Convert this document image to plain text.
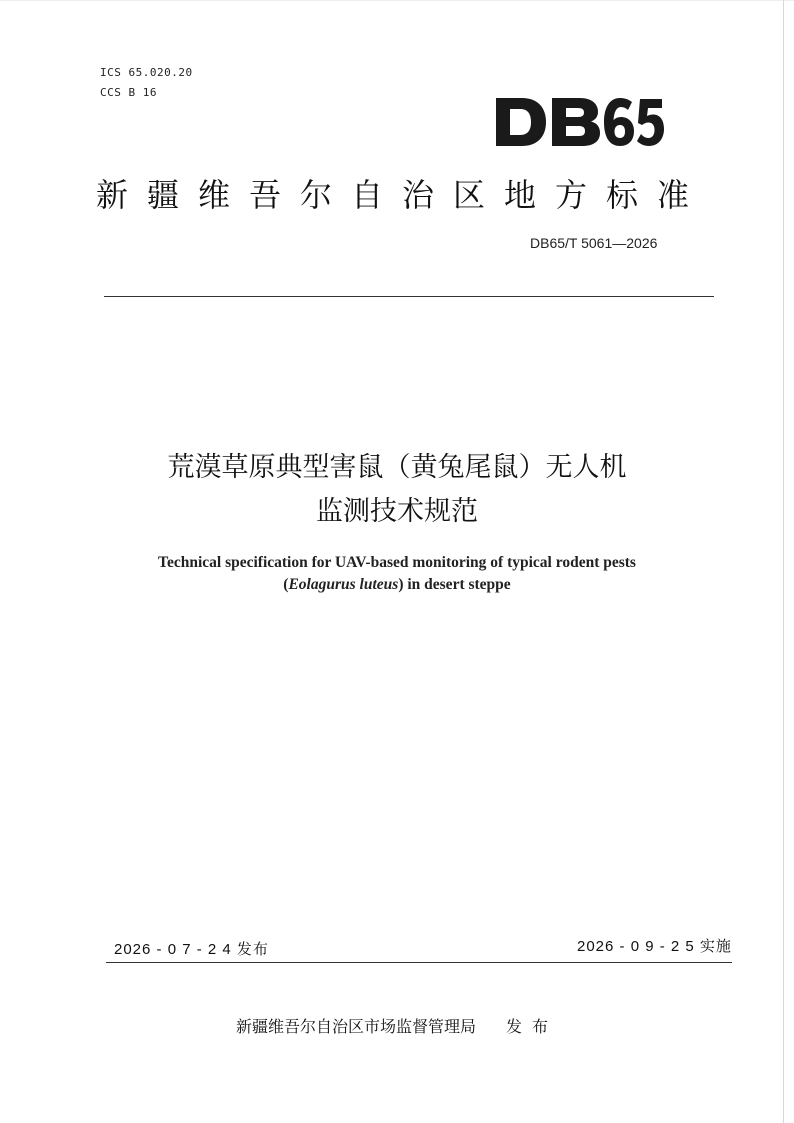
ICS 65.020.20
CCS B 16
新疆维吾尔自治区地方标准
DB65/T 5061—2026
荒漠草原典型害鼠（黄兔尾鼠）无人机
监测技术规范
Technical specification for UAV-based monitoring of typical rodent pests
(Eolagurus luteus) in desert steppe
2026 - 0 7 - 2 4 发布	2026 - 0 9 - 2 5 实施
新疆维吾尔自治区市场监督管理局 发布
